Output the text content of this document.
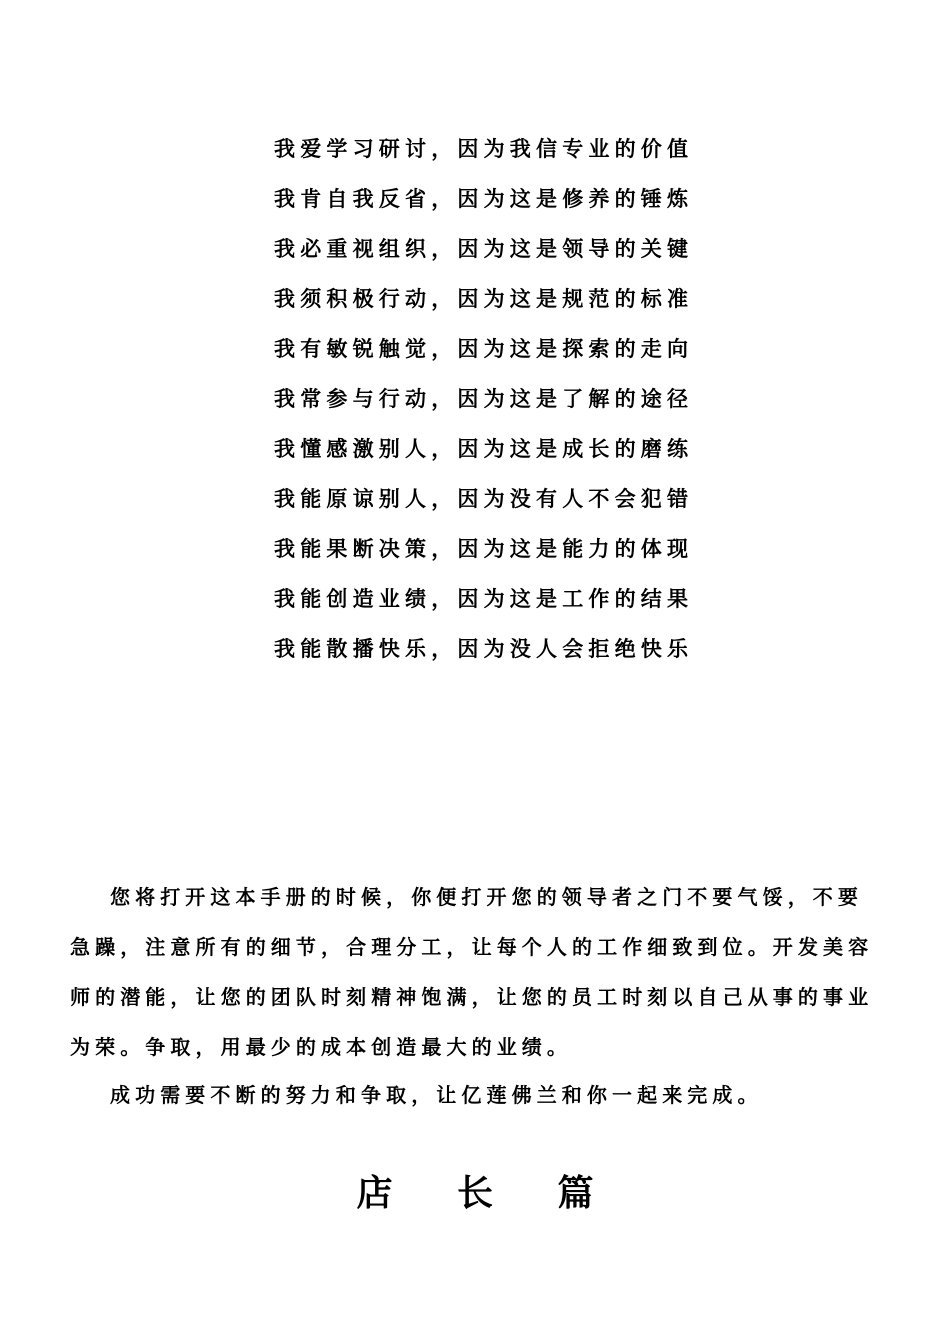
我爱学习研讨，因为我信专业的价值
我肯自我反省，因为这是修养的锤炼
我必重视组织，因为这是领导的关键
我须积极行动，因为这是规范的标准
我有敏锐触觉，因为这是探索的走向
我常参与行动，因为这是了解的途径
我懂感激别人，因为这是成长的磨练
我能原谅别人，因为没有人不会犯错
我能果断决策，因为这是能力的体现
我能创造业绩，因为这是工作的结果
我能散播快乐，因为没人会拒绝快乐

您将打开这本手册的时候，你便打开您的领导者之门不要气馁，不要急躁，注意所有的细节，合理分工，让每个人的工作细致到位。开发美容师的潜能，让您的团队时刻精神饱满，让您的员工时刻以自己从事的事业为荣。争取，用最少的成本创造最大的业绩。

成功需要不断的努力和争取，让亿莲佛兰和你一起来完成。

店 长 篇
